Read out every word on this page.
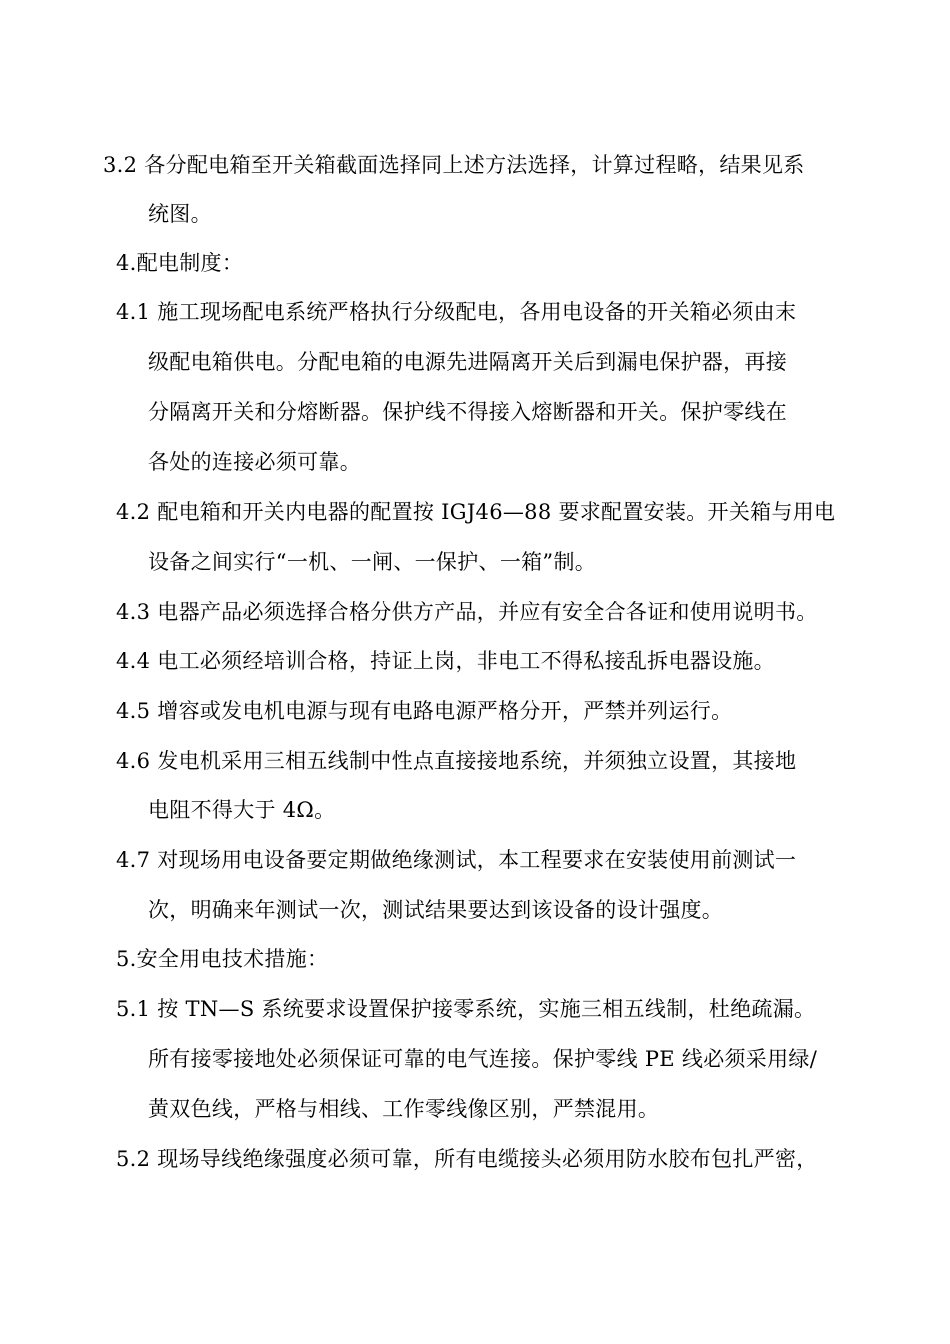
3.2 各分配电箱至开关箱截面选择同上述方法选择，计算过程略，结果见系
统图。
4.配电制度：
4.1 施工现场配电系统严格执行分级配电，各用电设备的开关箱必须由末
级配电箱供电。分配电箱的电源先进隔离开关后到漏电保护器，再接
分隔离开关和分熔断器。保护线不得接入熔断器和开关。保护零线在
各处的连接必须可靠。
4.2 配电箱和开关内电器的配置按 IGJ46—88 要求配置安装。开关箱与用电
设备之间实行“一机、一闸、一保护、一箱”制。
4.3 电器产品必须选择合格分供方产品，并应有安全合各证和使用说明书。
4.4 电工必须经培训合格，持证上岗，非电工不得私接乱拆电器设施。
4.5 增容或发电机电源与现有电路电源严格分开，严禁并列运行。
4.6 发电机采用三相五线制中性点直接接地系统，并须独立设置，其接地
电阻不得大于 4Ω。
4.7 对现场用电设备要定期做绝缘测试，本工程要求在安装使用前测试一
次，明确来年测试一次，测试结果要达到该设备的设计强度。
5.安全用电技术措施：
5.1 按 TN—S 系统要求设置保护接零系统，实施三相五线制，杜绝疏漏。
所有接零接地处必须保证可靠的电气连接。保护零线 PE 线必须采用绿/
黄双色线，严格与相线、工作零线像区别，严禁混用。
5.2 现场导线绝缘强度必须可靠，所有电缆接头必须用防水胶布包扎严密，
